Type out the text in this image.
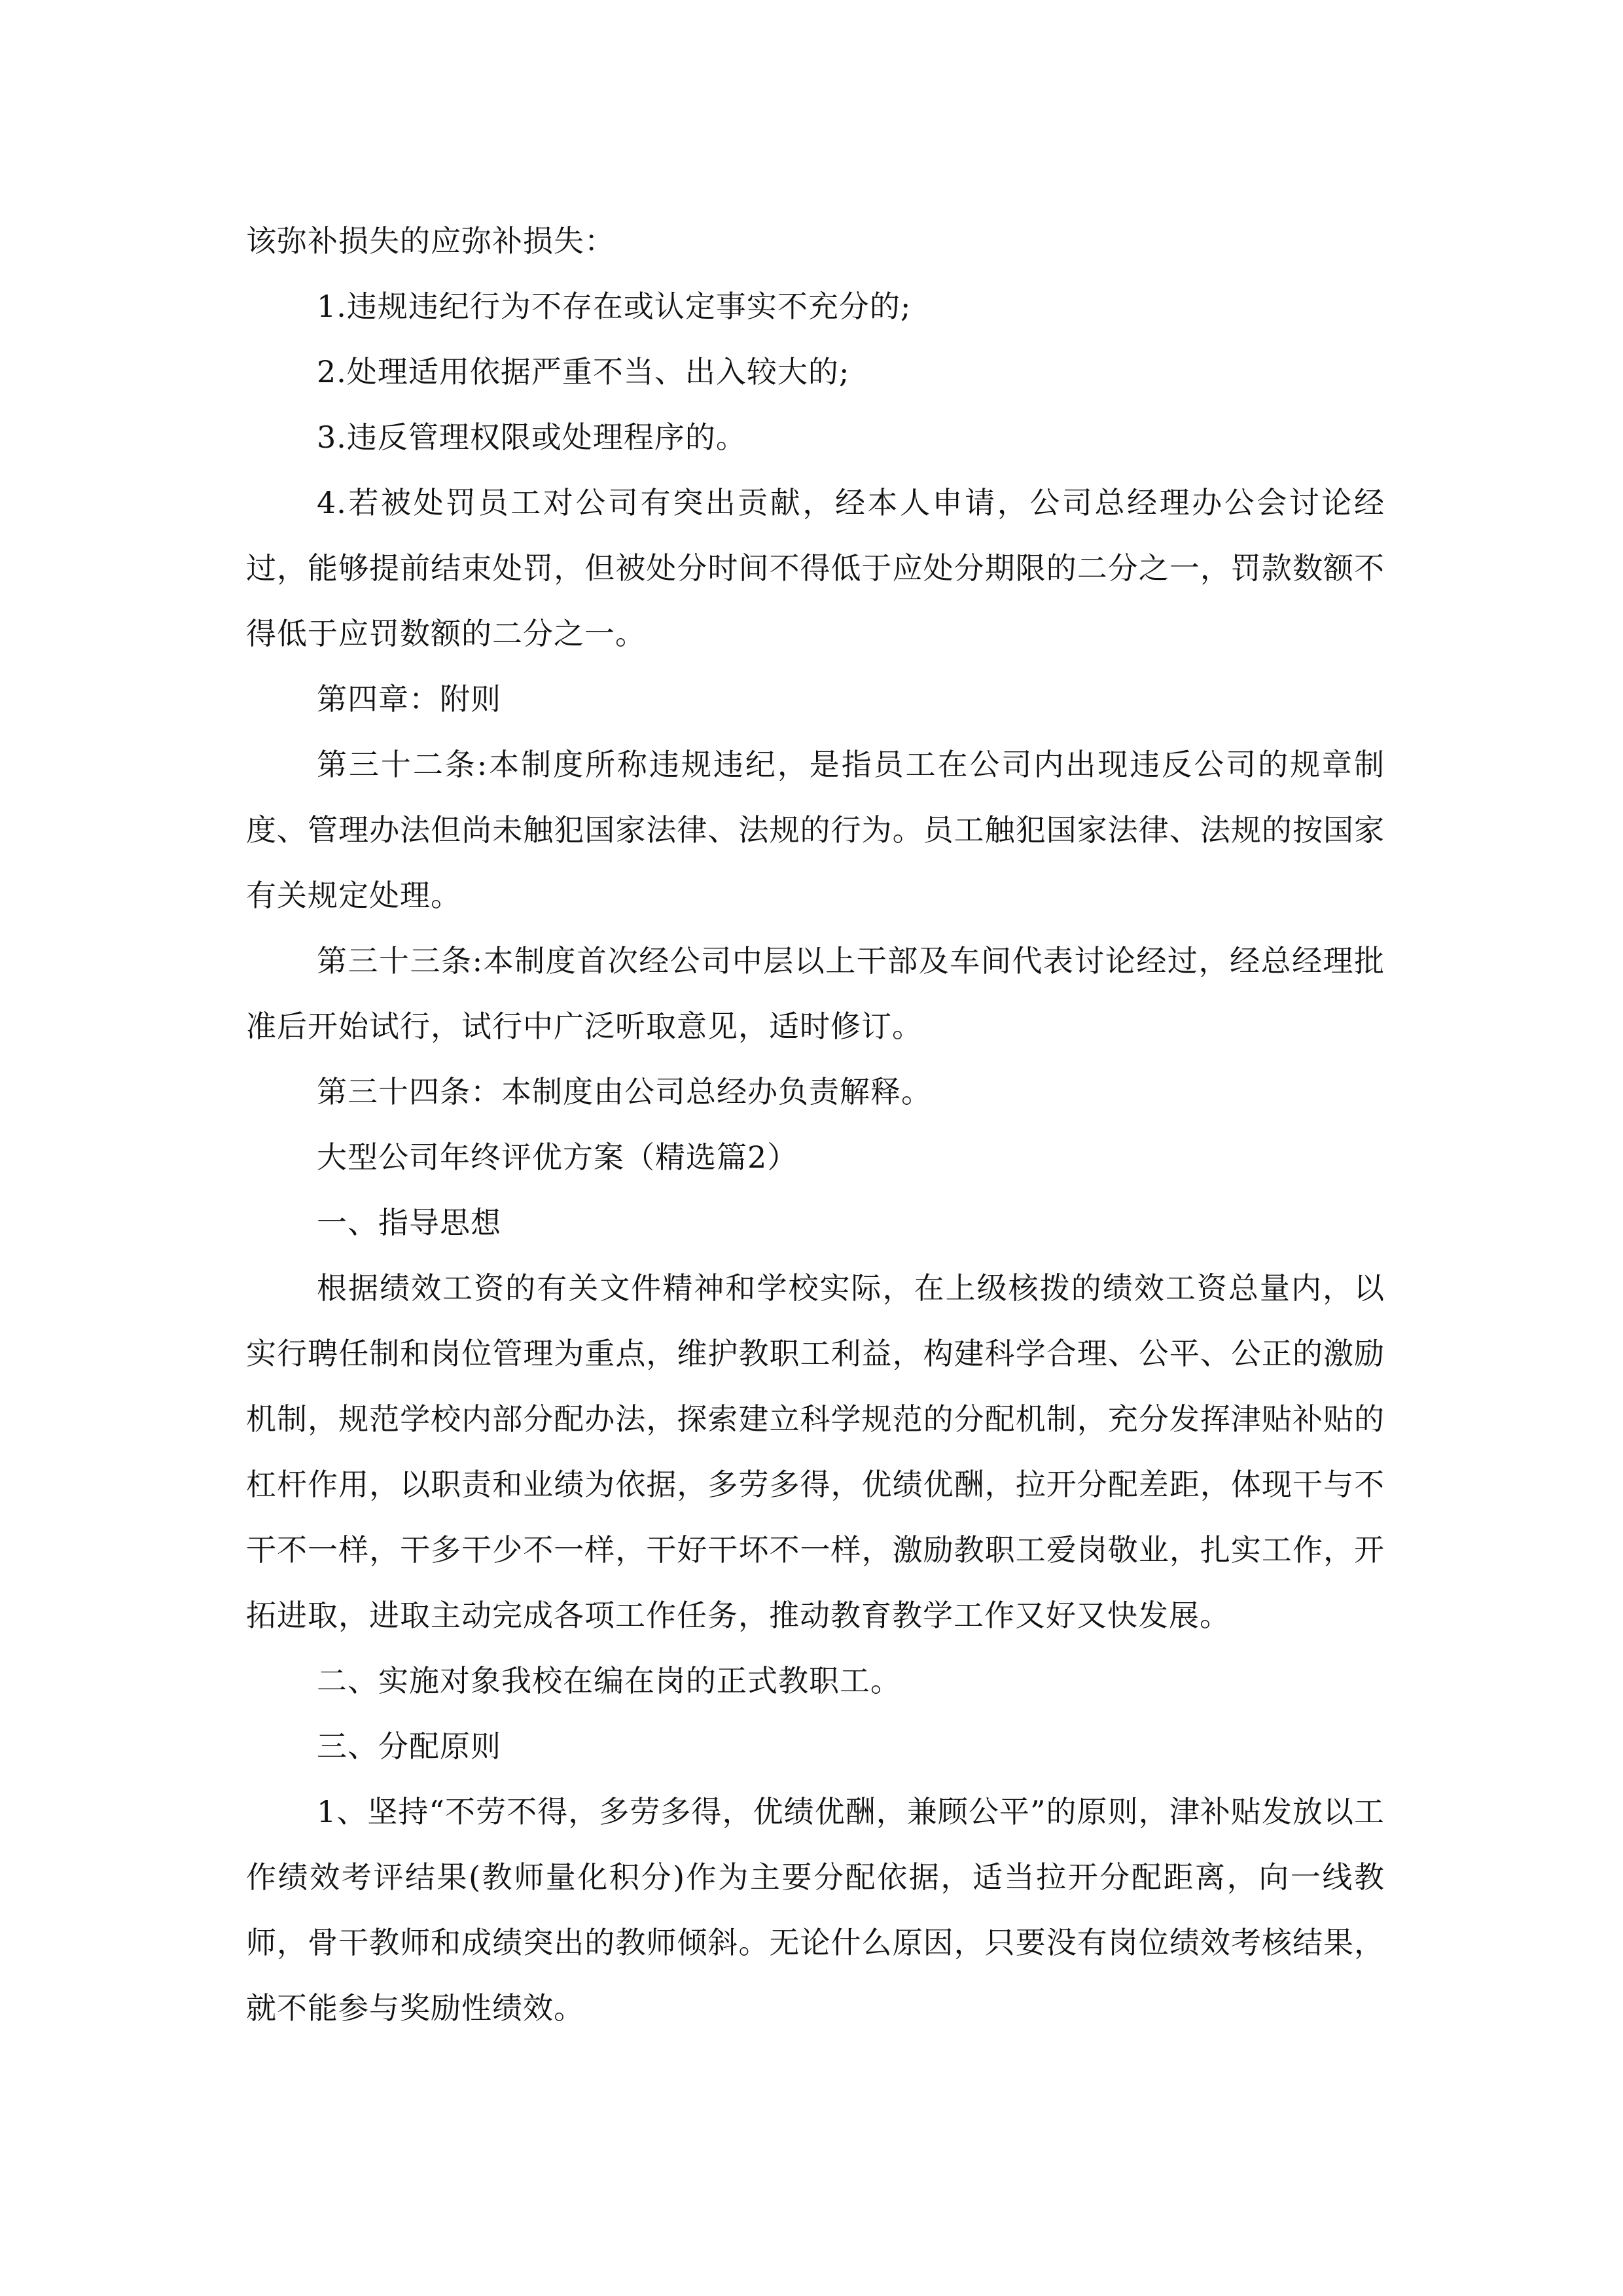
该弥补损失的应弥补损失：

1.违规违纪行为不存在或认定事实不充分的;

2.处理适用依据严重不当、出入较大的;

3.违反管理权限或处理程序的。

4.若被处罚员工对公司有突出贡献，经本人申请，公司总经理办公会讨论经过，能够提前结束处罚，但被处分时间不得低于应处分期限的二分之一，罚款数额不得低于应罚数额的二分之一。

第四章：附则

第三十二条:本制度所称违规违纪，是指员工在公司内出现违反公司的规章制度、管理办法但尚未触犯国家法律、法规的行为。员工触犯国家法律、法规的按国家有关规定处理。

第三十三条:本制度首次经公司中层以上干部及车间代表讨论经过，经总经理批准后开始试行，试行中广泛听取意见，适时修订。

第三十四条：本制度由公司总经办负责解释。

大型公司年终评优方案（精选篇2）

一、指导思想

根据绩效工资的有关文件精神和学校实际，在上级核拨的绩效工资总量内，以实行聘任制和岗位管理为重点，维护教职工利益，构建科学合理、公平、公正的激励机制，规范学校内部分配办法，探索建立科学规范的分配机制，充分发挥津贴补贴的杠杆作用，以职责和业绩为依据，多劳多得，优绩优酬，拉开分配差距，体现干与不干不一样，干多干少不一样，干好干坏不一样，激励教职工爱岗敬业，扎实工作，开拓进取，进取主动完成各项工作任务，推动教育教学工作又好又快发展。

二、实施对象我校在编在岗的正式教职工。

三、分配原则

1、坚持“不劳不得，多劳多得，优绩优酬，兼顾公平”的原则，津补贴发放以工作绩效考评结果(教师量化积分)作为主要分配依据，适当拉开分配距离，向一线教师，骨干教师和成绩突出的教师倾斜。无论什么原因，只要没有岗位绩效考核结果，就不能参与奖励性绩效。
